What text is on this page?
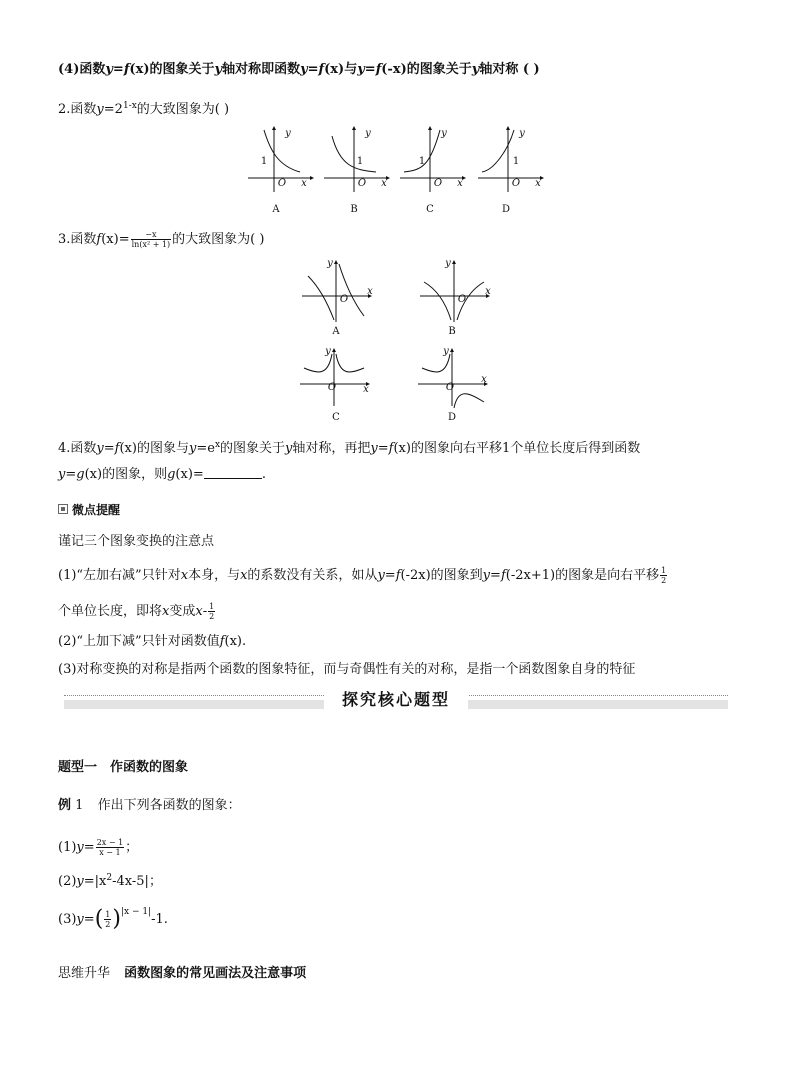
(4)函数y=f(x)的图象关于y轴对称即函数y=f(x)与y=f(-x)的图象关于y轴对称 ( )
2.函数$y=2^{1-x}$的大致图象为( )
y
x
O
1
A
y
x
O
1
B
y
x
O
1
C
y
x
O
1
D
3.函数$f(x)= \frac{-x}{\text{ln(x² + 1)}}$ 的大致图象为( )
y
x
O
A
y
x
O
B
y
x
O
C
y
x
O
D
4.函数y=f(x)的图象与$y=e^x$的图象关于y轴对称，再把y=f(x)的图象向右平移1个单位长度后得到函数
y=g(x)的图象，则g(x)=	.
微点提醒
谨记三个图象变换的注意点
(1)“左加右减”只针对x本身，与x的系数没有关系，如从y=f(-2x)的图象到y=f(-2x+1)的图象是向右平移 $\frac{1}{2}$
个单位长度，即将x变成$x- \frac{1}{2}$
(2)“上加下减”只针对函数值f(x).
(3)对称变换的对称是指两个函数的图象特征，而与奇偶性有关的对称，是指一个函数图象自身的特征
探究核心题型
题型一　作函数的图象
例 1 作出下列各函数的图象：
$(1)y= \frac{2x - 1}{x - 1}$ ；
$(2)y=|x^2-4x-5|$；
$(3)y=( \frac{1}{2} )^{|x - 1|}-1$.
思维升华 函数图象的常见画法及注意事项
